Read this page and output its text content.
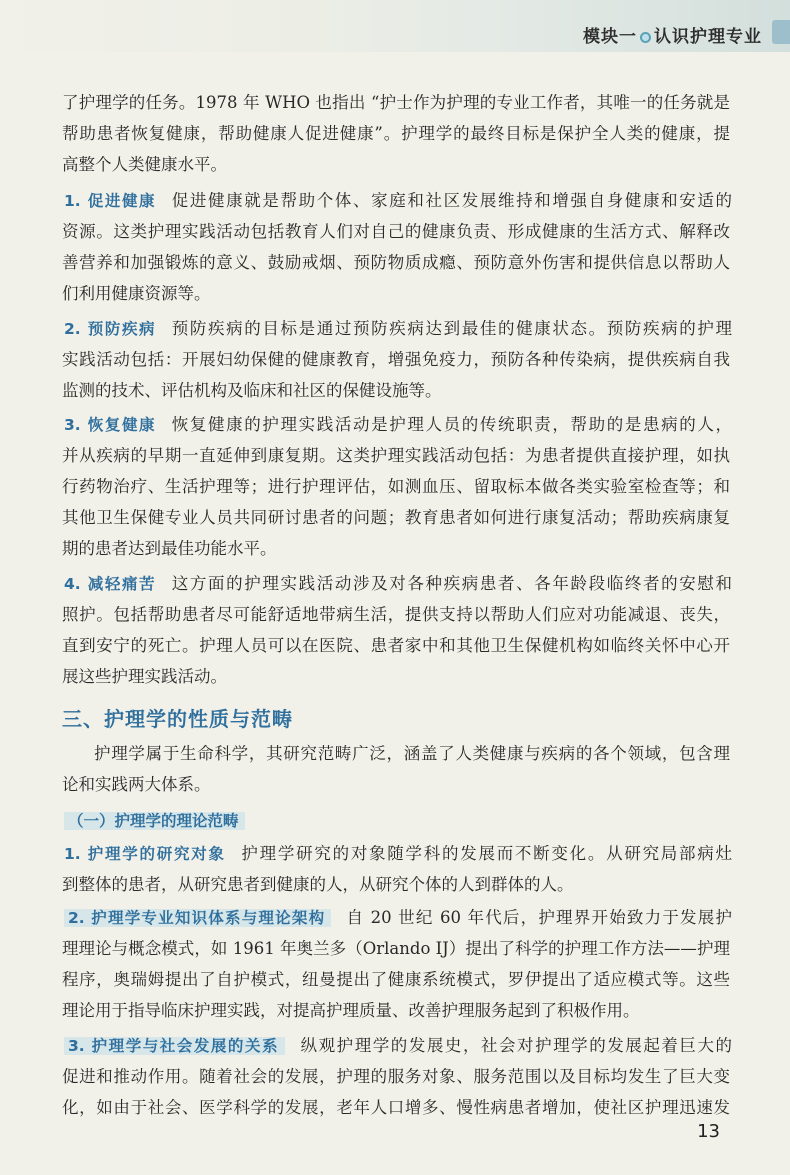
模块一 认识护理专业
了护理学的任务。1978 年 WHO 也指出 “护士作为护理的专业工作者，其唯一的任务就是
帮助患者恢复健康，帮助健康人促进健康”。护理学的最终目标是保护全人类的健康，提
高整个人类健康水平。
1. 促进健康 促进健康就是帮助个体、家庭和社区发展维持和增强自身健康和安适的
资源。这类护理实践活动包括教育人们对自己的健康负责、形成健康的生活方式、解释改
善营养和加强锻炼的意义、鼓励戒烟、预防物质成瘾、预防意外伤害和提供信息以帮助人
们利用健康资源等。
2. 预防疾病 预防疾病的目标是通过预防疾病达到最佳的健康状态。预防疾病的护理
实践活动包括：开展妇幼保健的健康教育，增强免疫力，预防各种传染病，提供疾病自我
监测的技术、评估机构及临床和社区的保健设施等。
3. 恢复健康 恢复健康的护理实践活动是护理人员的传统职责，帮助的是患病的人，
并从疾病的早期一直延伸到康复期。这类护理实践活动包括：为患者提供直接护理，如执
行药物治疗、生活护理等；进行护理评估，如测血压、留取标本做各类实验室检查等；和
其他卫生保健专业人员共同研讨患者的问题；教育患者如何进行康复活动；帮助疾病康复
期的患者达到最佳功能水平。
4. 减轻痛苦 这方面的护理实践活动涉及对各种疾病患者、各年龄段临终者的安慰和
照护。包括帮助患者尽可能舒适地带病生活，提供支持以帮助人们应对功能减退、丧失，
直到安宁的死亡。护理人员可以在医院、患者家中和其他卫生保健机构如临终关怀中心开
展这些护理实践活动。
三、护理学的性质与范畴
护理学属于生命科学，其研究范畴广泛，涵盖了人类健康与疾病的各个领域，包含理
论和实践两大体系。
（一）护理学的理论范畴
1. 护理学的研究对象 护理学研究的对象随学科的发展而不断变化。从研究局部病灶
到整体的患者，从研究患者到健康的人，从研究个体的人到群体的人。
2. 护理学专业知识体系与理论架构 自 20 世纪 60 年代后，护理界开始致力于发展护
理理论与概念模式，如 1961 年奥兰多（Orlando IJ）提出了科学的护理工作方法——护理
程序，奥瑞姆提出了自护模式，纽曼提出了健康系统模式，罗伊提出了适应模式等。这些
理论用于指导临床护理实践，对提高护理质量、改善护理服务起到了积极作用。
3. 护理学与社会发展的关系 纵观护理学的发展史，社会对护理学的发展起着巨大的
促进和推动作用。随着社会的发展，护理的服务对象、服务范围以及目标均发生了巨大变
化，如由于社会、医学科学的发展，老年人口增多、慢性病患者增加，使社区护理迅速发
13
